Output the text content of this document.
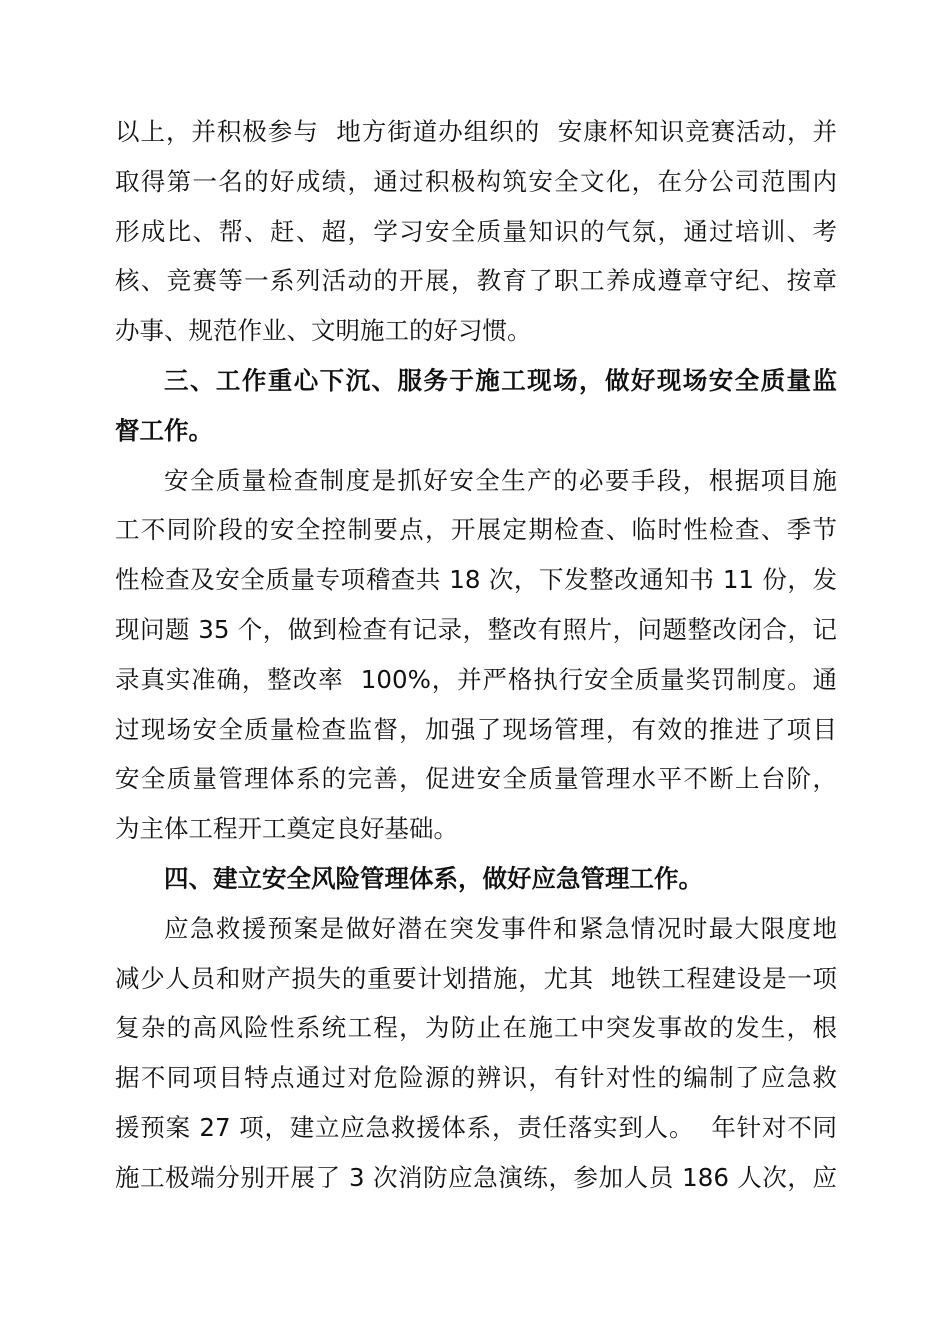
以上，并积极参与  地方街道办组织的  安康杯知识竞赛活动，并
取得第一名的好成绩，通过积极构筑安全文化，在分公司范围内
形成比、帮、赶、超，学习安全质量知识的气氛，通过培训、考
核、竞赛等一系列活动的开展，教育了职工养成遵章守纪、按章
办事、规范作业、文明施工的好习惯。
三、工作重心下沉、服务于施工现场，做好现场安全质量监
督工作。
安全质量检查制度是抓好安全生产的必要手段，根据项目施
工不同阶段的安全控制要点，开展定期检查、临时性检查、季节
性检查及安全质量专项稽查共 18 次，下发整改通知书 11 份，发
现问题 35 个，做到检查有记录，整改有照片，问题整改闭合，记
录真实准确，整改率  100%，并严格执行安全质量奖罚制度。通
过现场安全质量检查监督，加强了现场管理，有效的推进了项目
安全质量管理体系的完善，促进安全质量管理水平不断上台阶，
为主体工程开工奠定良好基础。
四、建立安全风险管理体系，做好应急管理工作。
应急救援预案是做好潜在突发事件和紧急情况时最大限度地
减少人员和财产损失的重要计划措施，尤其  地铁工程建设是一项
复杂的高风险性系统工程，为防止在施工中突发事故的发生，根
据不同项目特点通过对危险源的辨识，有针对性的编制了应急救
援预案 27 项，建立应急救援体系，责任落实到人。  年针对不同
施工极端分别开展了 3 次消防应急演练，参加人员 186 人次，应
